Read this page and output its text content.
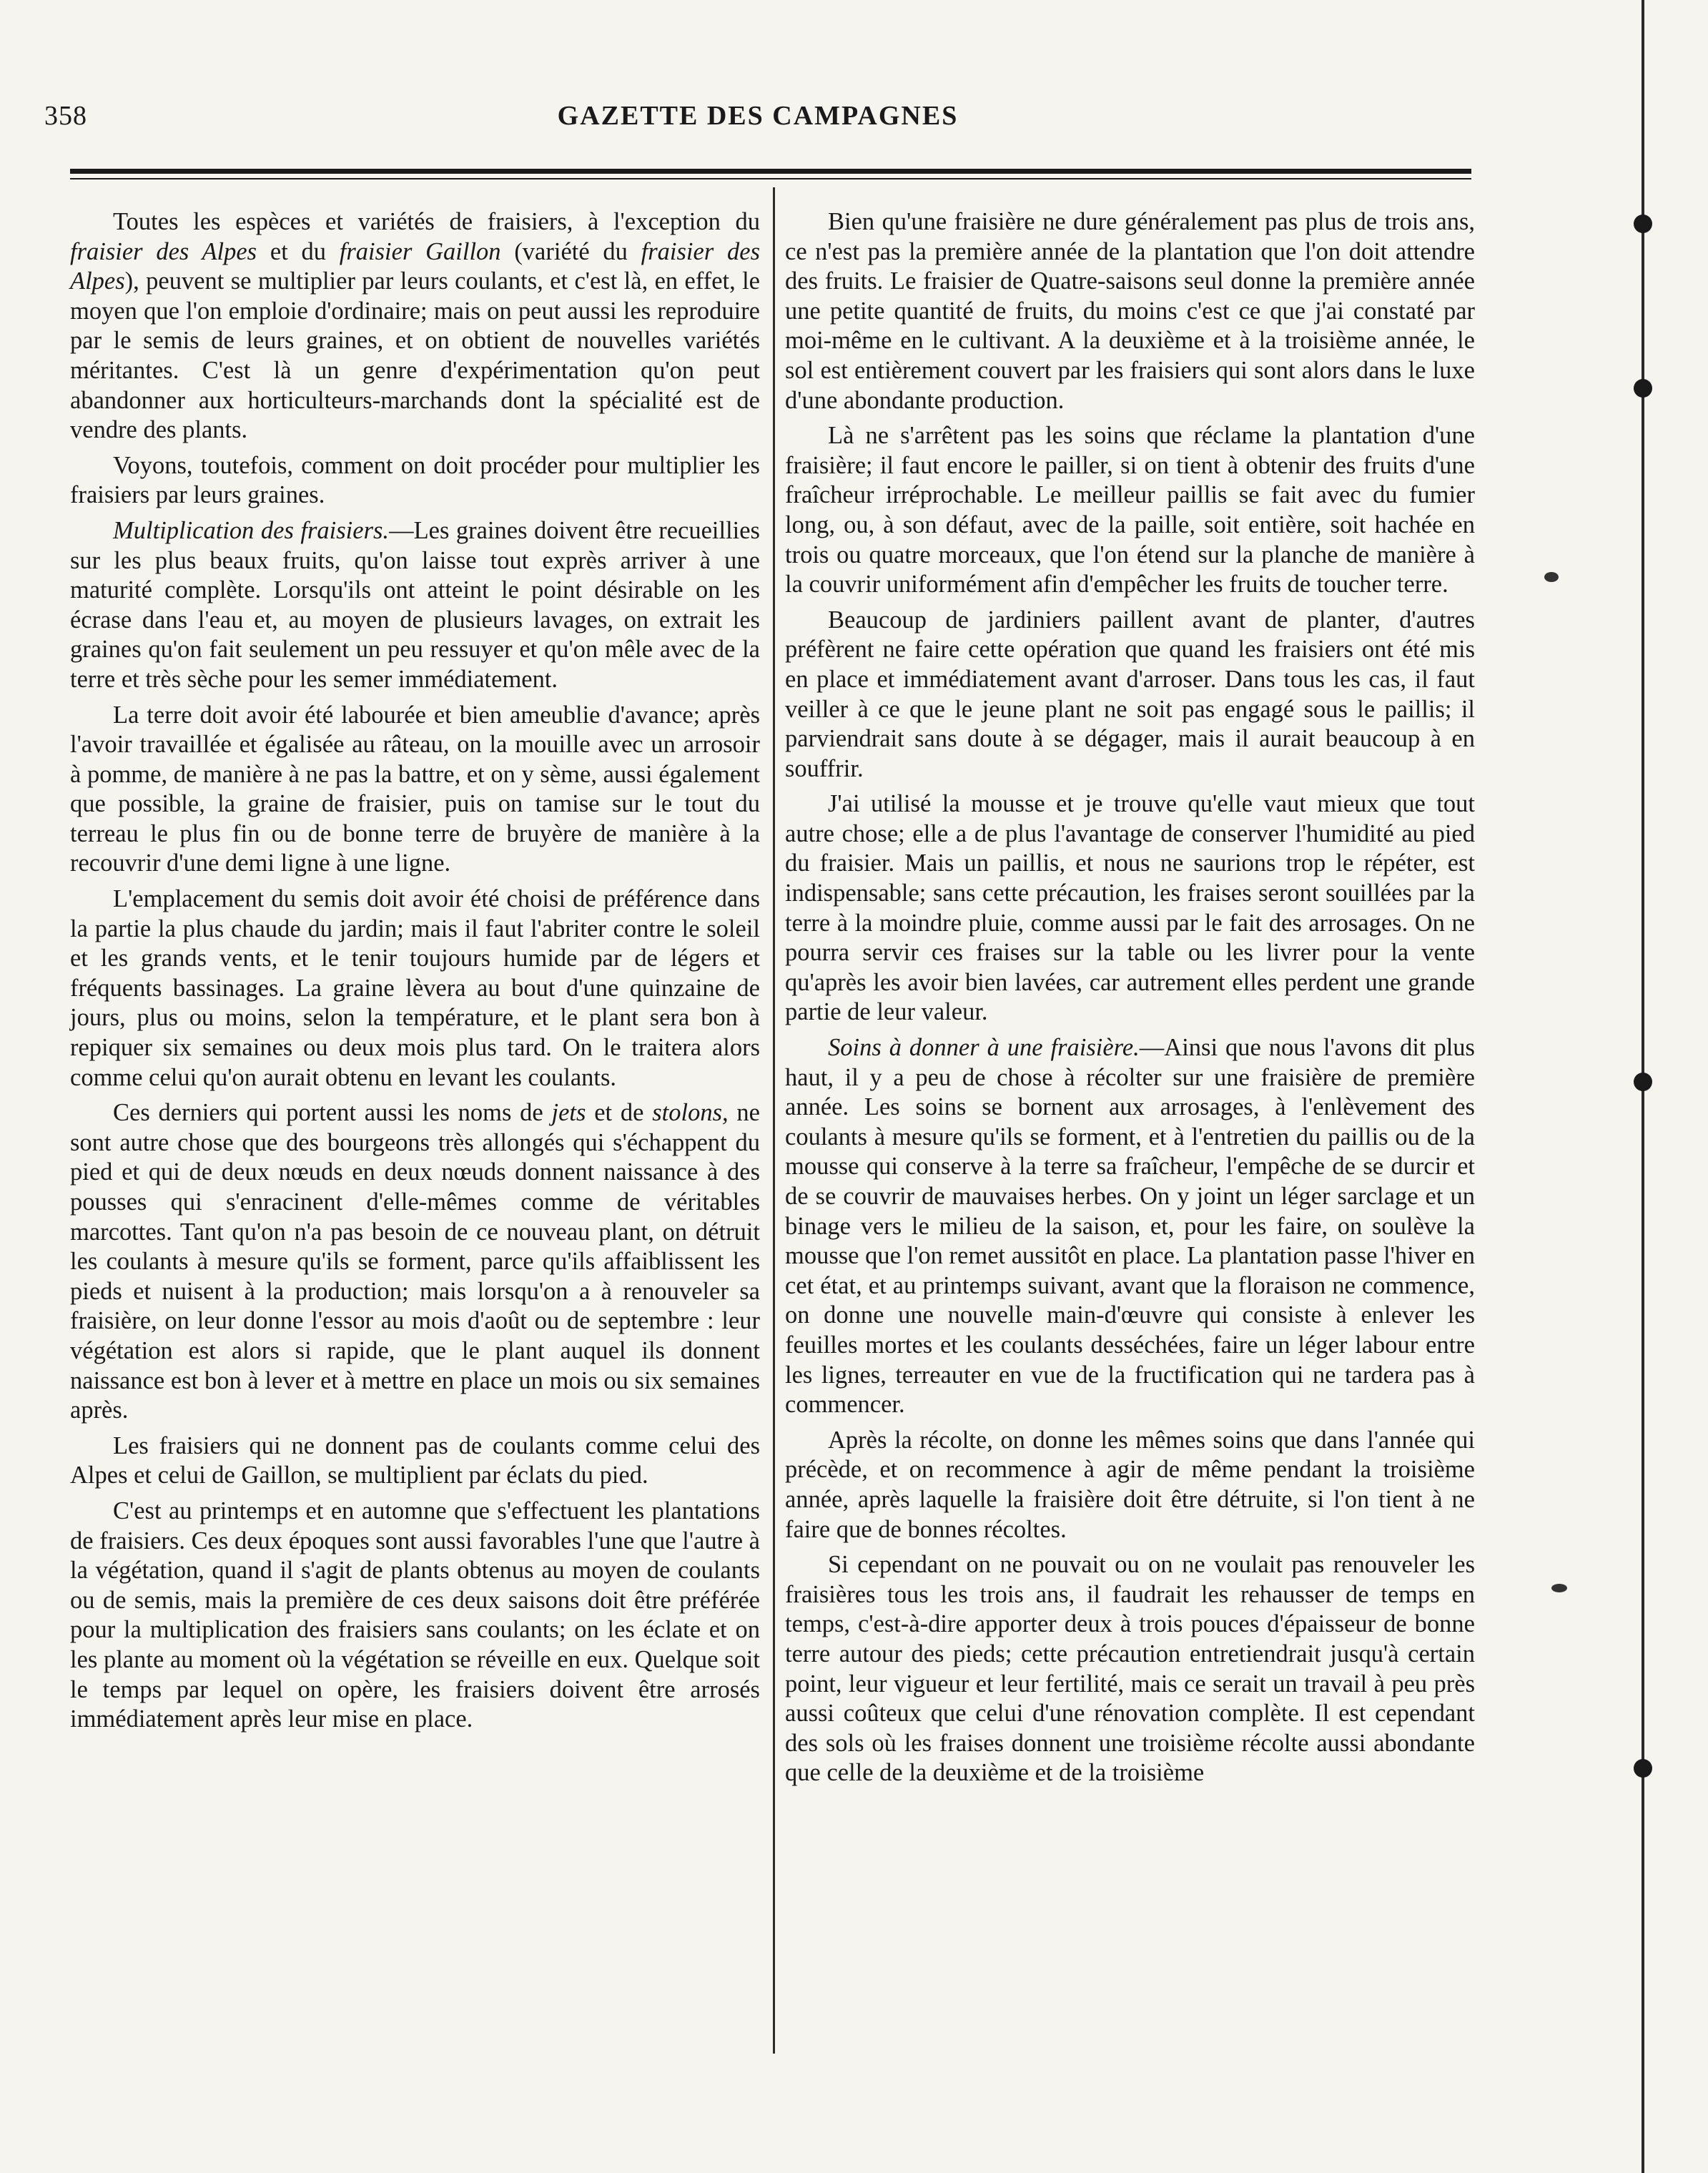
358	GAZETTE DES CAMPAGNES

Toutes les espèces et variétés de fraisiers, à l'exception du fraisier des Alpes et du fraisier Gaillon (variété du fraisier des Alpes), peuvent se multiplier par leurs coulants, et c'est là, en effet, le moyen que l'on emploie d'ordinaire; mais on peut aussi les reproduire par le semis de leurs graines, et on obtient de nouvelles variétés méritantes. C'est là un genre d'expérimentation qu'on peut abandonner aux horticulteurs-marchands dont la spécialité est de vendre des plants.

Voyons, toutefois, comment on doit procéder pour multiplier les fraisiers par leurs graines.

Multiplication des fraisiers.—Les graines doivent être recueillies sur les plus beaux fruits, qu'on laisse tout exprès arriver à une maturité complète. Lorsqu'ils ont atteint le point désirable on les écrase dans l'eau et, au moyen de plusieurs lavages, on extrait les graines qu'on fait seulement un peu ressuyer et qu'on mêle avec de la terre et très sèche pour les semer immédiatement.

La terre doit avoir été labourée et bien ameublie d'avance; après l'avoir travaillée et égalisée au râteau, on la mouille avec un arrosoir à pomme, de manière à ne pas la battre, et on y sème, aussi également que possible, la graine de fraisier, puis on tamise sur le tout du terreau le plus fin ou de bonne terre de bruyère de manière à la recouvrir d'une demi ligne à une ligne.

L'emplacement du semis doit avoir été choisi de préférence dans la partie la plus chaude du jardin; mais il faut l'abriter contre le soleil et les grands vents, et le tenir toujours humide par de légers et fréquents bassinages. La graine lèvera au bout d'une quinzaine de jours, plus ou moins, selon la température, et le plant sera bon à repiquer six semaines ou deux mois plus tard. On le traitera alors comme celui qu'on aurait obtenu en levant les coulants.

Ces derniers qui portent aussi les noms de jets et de stolons, ne sont autre chose que des bourgeons très allongés qui s'échappent du pied et qui de deux nœuds en deux nœuds donnent naissance à des pousses qui s'enracinent d'elle-mêmes comme de véritables marcottes. Tant qu'on n'a pas besoin de ce nouveau plant, on détruit les coulants à mesure qu'ils se forment, parce qu'ils affaiblissent les pieds et nuisent à la production; mais lorsqu'on a à renouveler sa fraisière, on leur donne l'essor au mois d'août ou de septembre : leur végétation est alors si rapide, que le plant auquel ils donnent naissance est bon à lever et à mettre en place un mois ou six semaines après.

Les fraisiers qui ne donnent pas de coulants comme celui des Alpes et celui de Gaillon, se multiplient par éclats du pied.

C'est au printemps et en automne que s'effectuent les plantations de fraisiers. Ces deux époques sont aussi favorables l'une que l'autre à la végétation, quand il s'agit de plants obtenus au moyen de coulants ou de semis, mais la première de ces deux saisons doit être préférée pour la multiplication des fraisiers sans coulants; on les éclate et on les plante au moment où la végétation se réveille en eux. Quelque soit le temps par lequel on opère, les fraisiers doivent être arrosés immédiatement après leur mise en place.

Bien qu'une fraisière ne dure généralement pas plus de trois ans, ce n'est pas la première année de la plantation que l'on doit attendre des fruits. Le fraisier de Quatre-saisons seul donne la première année une petite quantité de fruits, du moins c'est ce que j'ai constaté par moi-même en le cultivant. A la deuxième et à la troisième année, le sol est entièrement couvert par les fraisiers qui sont alors dans le luxe d'une abondante production.

Là ne s'arrêtent pas les soins que réclame la plantation d'une fraisière; il faut encore le pailler, si on tient à obtenir des fruits d'une fraîcheur irréprochable. Le meilleur paillis se fait avec du fumier long, ou, à son défaut, avec de la paille, soit entière, soit hachée en trois ou quatre morceaux, que l'on étend sur la planche de manière à la couvrir uniformément afin d'empêcher les fruits de toucher terre.

Beaucoup de jardiniers paillent avant de planter, d'autres préfèrent ne faire cette opération que quand les fraisiers ont été mis en place et immédiatement avant d'arroser. Dans tous les cas, il faut veiller à ce que le jeune plant ne soit pas engagé sous le paillis; il parviendrait sans doute à se dégager, mais il aurait beaucoup à en souffrir.

J'ai utilisé la mousse et je trouve qu'elle vaut mieux que tout autre chose; elle a de plus l'avantage de conserver l'humidité au pied du fraisier. Mais un paillis, et nous ne saurions trop le répéter, est indispensable; sans cette précaution, les fraises seront souillées par la terre à la moindre pluie, comme aussi par le fait des arrosages. On ne pourra servir ces fraises sur la table ou les livrer pour la vente qu'après les avoir bien lavées, car autrement elles perdent une grande partie de leur valeur.

Soins à donner à une fraisière.—Ainsi que nous l'avons dit plus haut, il y a peu de chose à récolter sur une fraisière de première année. Les soins se bornent aux arrosages, à l'enlèvement des coulants à mesure qu'ils se forment, et à l'entretien du paillis ou de la mousse qui conserve à la terre sa fraîcheur, l'empêche de se durcir et de se couvrir de mauvaises herbes. On y joint un léger sarclage et un binage vers le milieu de la saison, et, pour les faire, on soulève la mousse que l'on remet aussitôt en place. La plantation passe l'hiver en cet état, et au printemps suivant, avant que la floraison ne commence, on donne une nouvelle main-d'œuvre qui consiste à enlever les feuilles mortes et les coulants desséchées, faire un léger labour entre les lignes, terreauter en vue de la fructification qui ne tardera pas à commencer.

Après la récolte, on donne les mêmes soins que dans l'année qui précède, et on recommence à agir de même pendant la troisième année, après laquelle la fraisière doit être détruite, si l'on tient à ne faire que de bonnes récoltes.

Si cependant on ne pouvait ou on ne voulait pas renouveler les fraisières tous les trois ans, il faudrait les rehausser de temps en temps, c'est-à-dire apporter deux à trois pouces d'épaisseur de bonne terre autour des pieds; cette précaution entretiendrait jusqu'à certain point, leur vigueur et leur fertilité, mais ce serait un travail à peu près aussi coûteux que celui d'une rénovation complète. Il est cependant des sols où les fraises donnent une troisième récolte aussi abondante que celle de la deuxième et de la troisième
